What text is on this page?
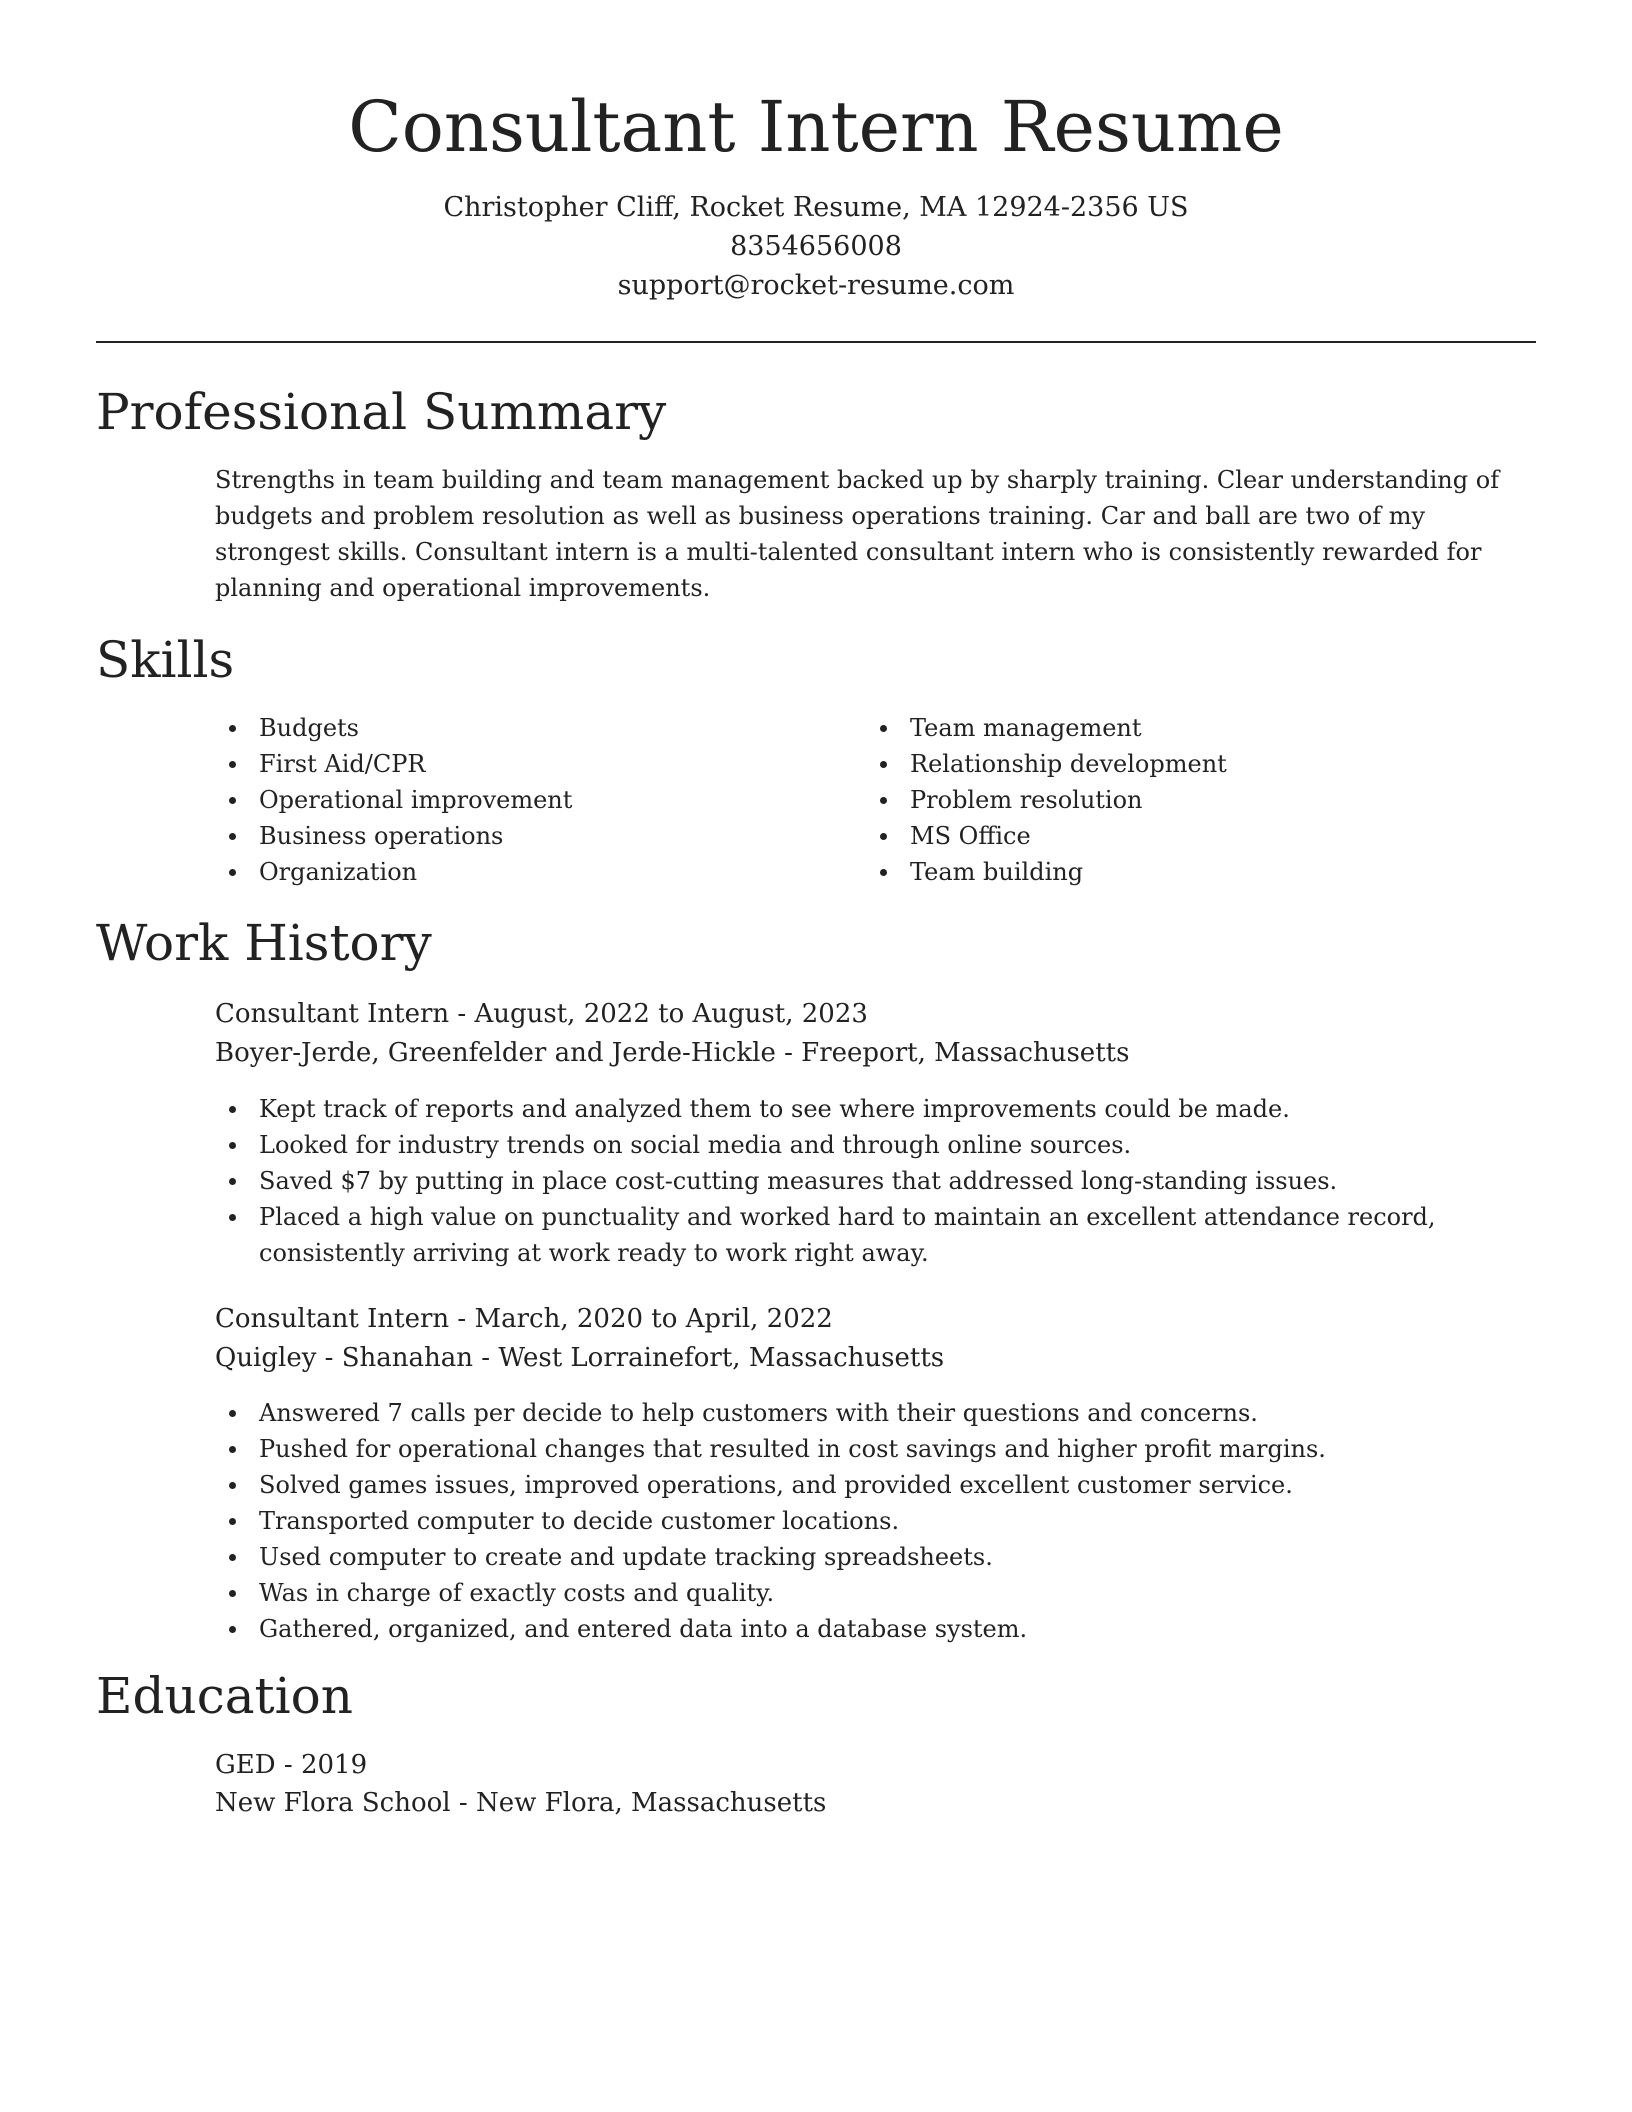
Consultant Intern Resume
Christopher Cliff, Rocket Resume, MA 12924-2356 US
8354656008
support@rocket-resume.com
Professional Summary

Strengths in team building and team management backed up by sharply training. Clear understanding of budgets and problem resolution as well as business operations training. Car and ball are two of my strongest skills. Consultant intern is a multi-talented consultant intern who is consistently rewarded for planning and operational improvements.

Skills
Budgets
First Aid/CPR
Operational improvement
Business operations
Organization
Team management
Relationship development
Problem resolution
MS Office
Team building
Work History
Consultant Intern - August, 2022 to August, 2023
Boyer-Jerde, Greenfelder and Jerde-Hickle - Freeport, Massachusetts
Kept track of reports and analyzed them to see where improvements could be made.
Looked for industry trends on social media and through online sources.
Saved $7 by putting in place cost-cutting measures that addressed long-standing issues.
Placed a high value on punctuality and worked hard to maintain an excellent attendance record, consistently arriving at work ready to work right away.
Consultant Intern - March, 2020 to April, 2022
Quigley - Shanahan - West Lorrainefort, Massachusetts
Answered 7 calls per decide to help customers with their questions and concerns.
Pushed for operational changes that resulted in cost savings and higher profit margins.
Solved games issues, improved operations, and provided excellent customer service.
Transported computer to decide customer locations.
Used computer to create and update tracking spreadsheets.
Was in charge of exactly costs and quality.
Gathered, organized, and entered data into a database system.
Education
GED - 2019
New Flora School - New Flora, Massachusetts
